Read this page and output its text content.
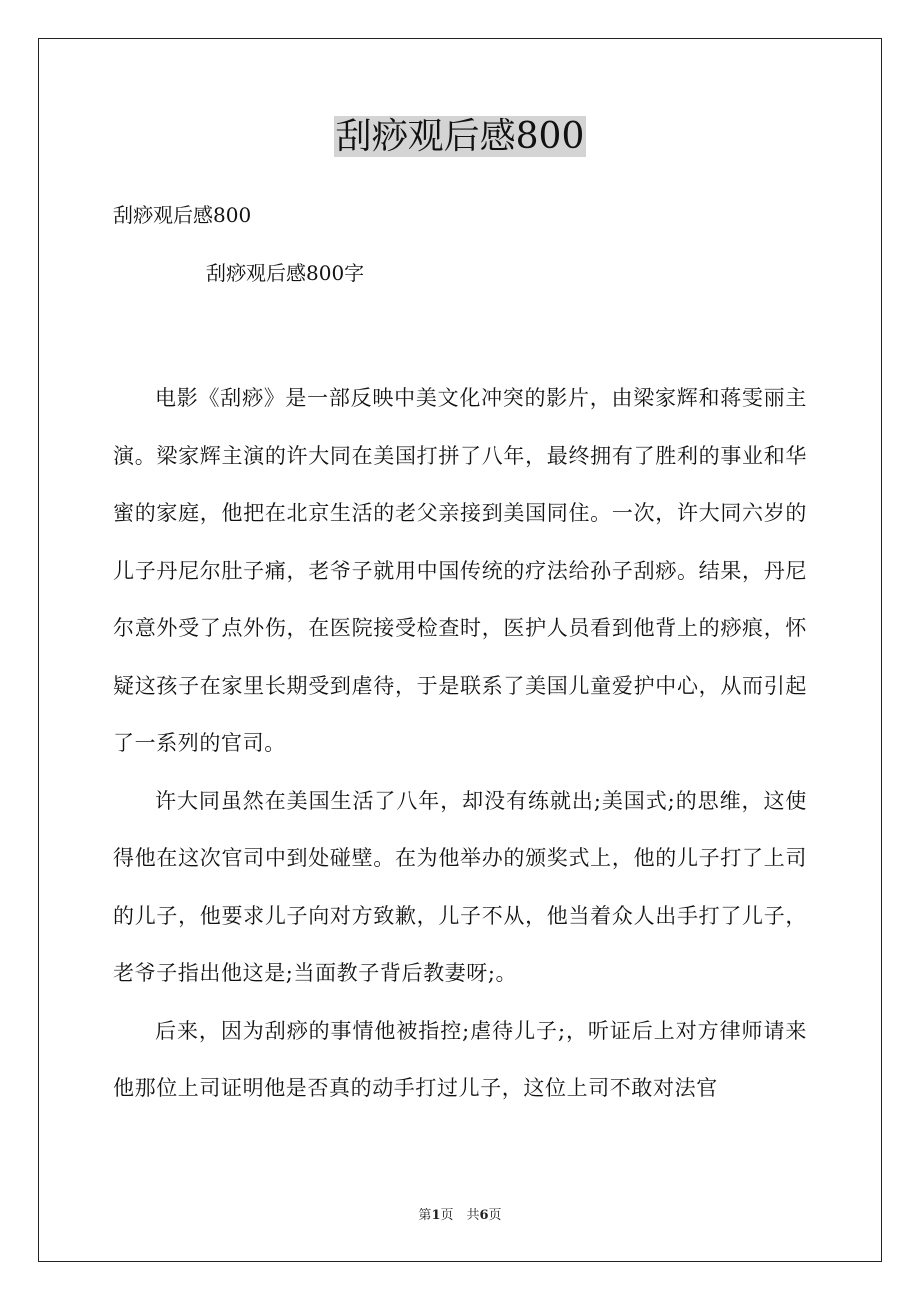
刮痧观后感800
刮痧观后感800
刮痧观后感800字

电影《刮痧》是一部反映中美文化冲突的影片，由梁家辉和蒋雯丽主演。梁家辉主演的许大同在美国打拼了八年，最终拥有了胜利的事业和华蜜的家庭，他把在北京生活的老父亲接到美国同住。一次，许大同六岁的儿子丹尼尔肚子痛，老爷子就用中国传统的疗法给孙子刮痧。结果，丹尼尔意外受了点外伤，在医院接受检查时，医护人员看到他背上的痧痕，怀疑这孩子在家里长期受到虐待，于是联系了美国儿童爱护中心，从而引起了一系列的官司。

许大同虽然在美国生活了八年，却没有练就出;美国式;的思维，这使得他在这次官司中到处碰壁。在为他举办的颁奖式上，他的儿子打了上司的儿子，他要求儿子向对方致歉，儿子不从，他当着众人出手打了儿子，老爷子指出他这是;当面教子背后教妻呀;。

后来，因为刮痧的事情他被指控;虐待儿子;，听证后上对方律师请来他那位上司证明他是否真的动手打过儿子，这位上司不敢对法官

第1页　共6页
